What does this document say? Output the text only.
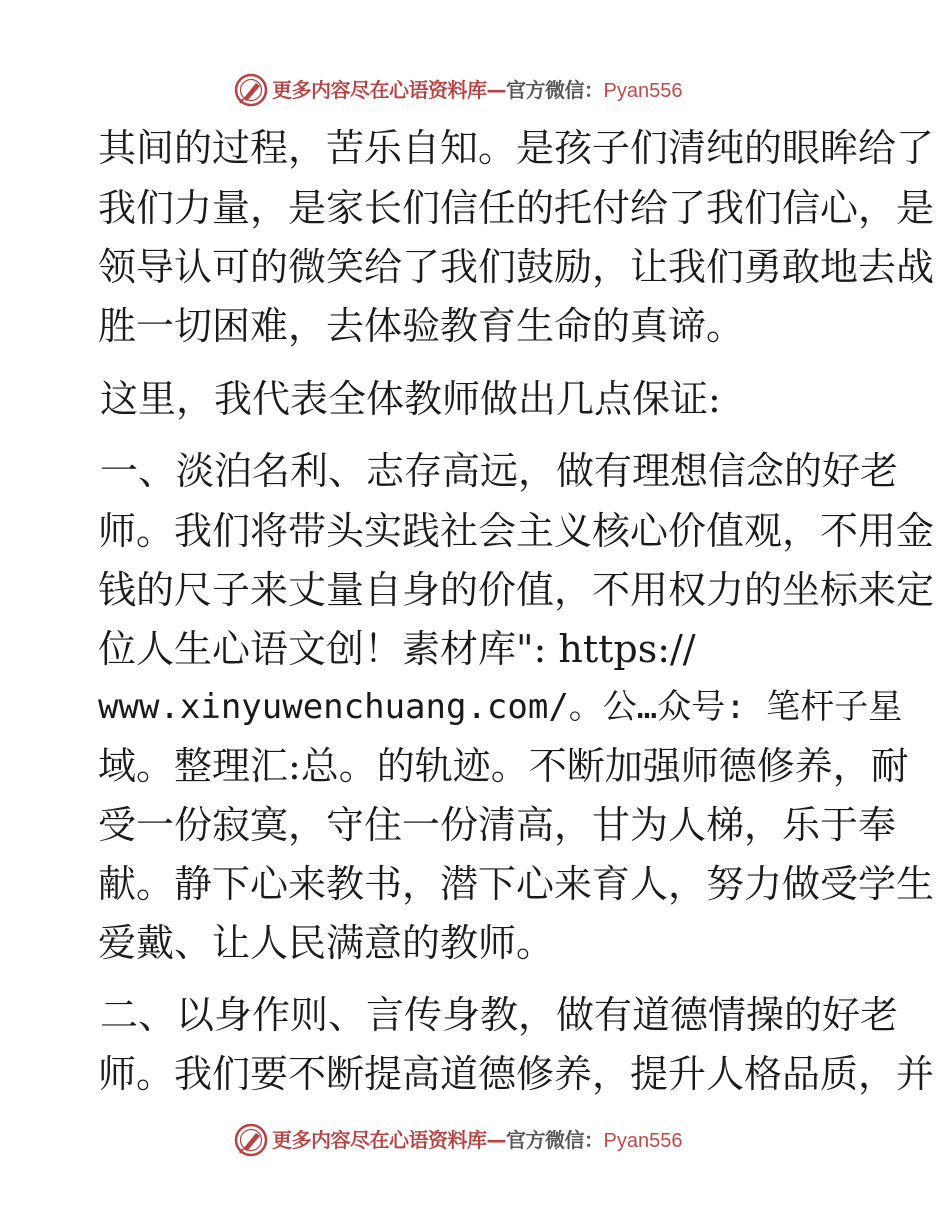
更多内容尽在心语资料库—官方微信：Pyan556
其间的过程，苦乐自知。是孩子们清纯的眼眸给了
我们力量，是家长们信任的托付给了我们信心，是
领导认可的微笑给了我们鼓励，让我们勇敢地去战
胜一切困难，去体验教育生命的真谛。
这里，我代表全体教师做出几点保证:
一、淡泊名利、志存高远，做有理想信念的好老
师。我们将带头实践社会主义核心价值观，不用金
钱的尺子来丈量自身的价值，不用权力的坐标来定
位人生心语文创！素材库": https://
www.xinyuwenchuang.com/。公…众号: 笔杆子星
域。整理汇:总。的轨迹。不断加强师德修养，耐
受一份寂寞，守住一份清高，甘为人梯，乐于奉
献。静下心来教书，潜下心来育人，努力做受学生
爱戴、让人民满意的教师。
二、以身作则、言传身教，做有道德情操的好老
师。我们要不断提高道德修养，提升人格品质，并
更多内容尽在心语资料库—官方微信：Pyan556
